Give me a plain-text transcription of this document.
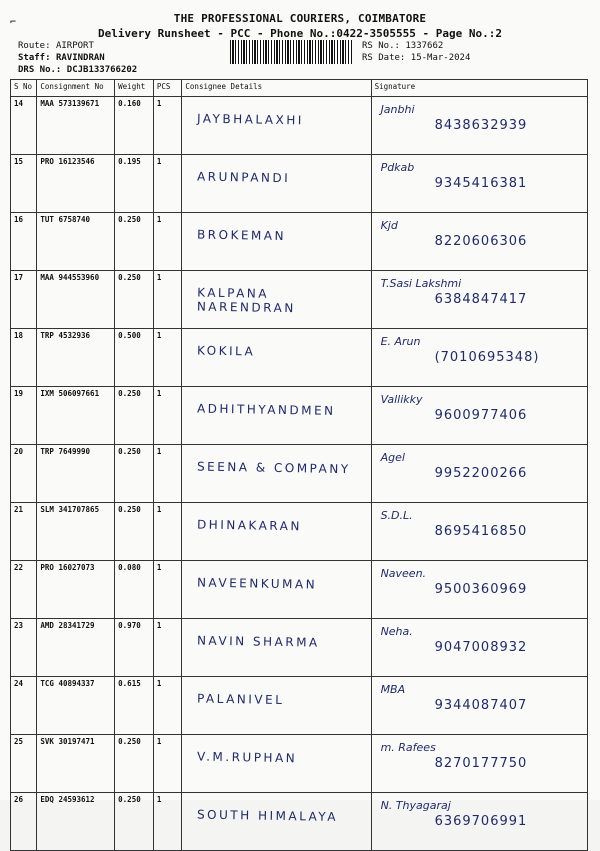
⌐	THE PROFESSIONAL COURIERS, COIMBATORE
Delivery Runsheet - PCC - Phone No.:0422-3505555 - Page No.:2
Route: AIRPORT
Staff: RAVINDRAN
DRS No.: DCJB133766202
RS No.: 1337662
RS Date: 15-Mar-2024
S No	Consignment No	Weight	PCS	Consignee Details	Signature
14	MAA 573139671	0.160	1	JAYBHALAXHI	Janbhi
8438632939

15	PRO 16123546	0.195	1	ARUNPANDI	Pdkab
9345416381

16	TUT 6758740	0.250	1	BROKEMAN	Kjd
8220606306

17	MAA 944553960	0.250	1	KALPANA NARENDRAN	T.Sasi Lakshmi
6384847417

18	TRP 4532936	0.500	1	KOKILA	E. Arun
(7010695348)

19	IXM 506097661	0.250	1	ADHITHYANDMEN	Vallikky
9600977406

20	TRP 7649990	0.250	1	SEENA & COMPANY	Agel
9952200266

21	SLM 341707865	0.250	1	DHINAKARAN	S.D.L.
8695416850

22	PRO 16027073	0.080	1	NAVEENKUMAN	Naveen.
9500360969

23	AMD 28341729	0.970	1	NAVIN SHARMA	Neha.
9047008932

24	TCG 40894337	0.615	1	PALANIVEL	MBA
9344087407

25	SVK 30197471	0.250	1	V.M.RUPHAN	m. Rafees
8270177750

26	EDQ 24593612	0.250	1	SOUTH HIMALAYA	N. Thyagaraj
6369706991
